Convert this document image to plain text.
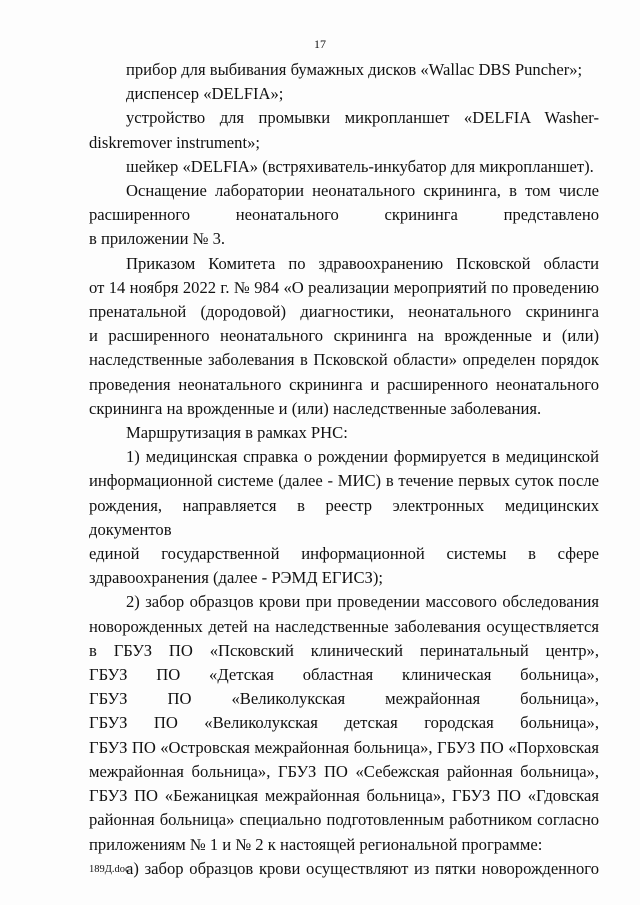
17
прибор для выбивания бумажных дисков «Wallac DBS Puncher»;
диспенсер «DELFIA»;
устройство для промывки микропланшет «DELFIA Washer-
diskremover instrument»;
шейкер «DELFIA» (встряхиватель-инкубатор для микропланшет).
Оснащение лаборатории неонатального скрининга, в том числе
расширенного неонатального скрининга представлено
в приложении № 3.
Приказом Комитета по здравоохранению Псковской области
от 14 ноября 2022 г. № 984 «О реализации мероприятий по проведению
пренатальной (дородовой) диагностики, неонатального скрининга
и расширенного неонатального скрининга на врожденные и (или)
наследственные заболевания в Псковской области» определен порядок
проведения неонатального скрининга и расширенного неонатального
скрининга на врожденные и (или) наследственные заболевания.
Маршрутизация в рамках РНС:
1) медицинская справка о рождении формируется в медицинской
информационной системе (далее - МИС) в течение первых суток после
рождения, направляется в реестр электронных медицинских документов
единой государственной информационной системы в сфере
здравоохранения (далее - РЭМД ЕГИСЗ);
2) забор образцов крови при проведении массового обследования
новорожденных детей на наследственные заболевания осуществляется
в ГБУЗ ПО «Псковский клинический перинатальный центр»,
ГБУЗ ПО «Детская областная клиническая больница»,
ГБУЗ ПО «Великолукская межрайонная больница»,
ГБУЗ ПО «Великолукская детская городская больница»,
ГБУЗ ПО «Островская межрайонная больница», ГБУЗ ПО «Порховская
межрайонная больница», ГБУЗ ПО «Себежская районная больница»,
ГБУЗ ПО «Бежаницкая межрайонная больница», ГБУЗ ПО «Гдовская
районная больница» специально подготовленным работником согласно
приложениям № 1 и № 2 к настоящей региональной программе:
а) забор образцов крови осуществляют из пятки новорожденного
189Д.doc
